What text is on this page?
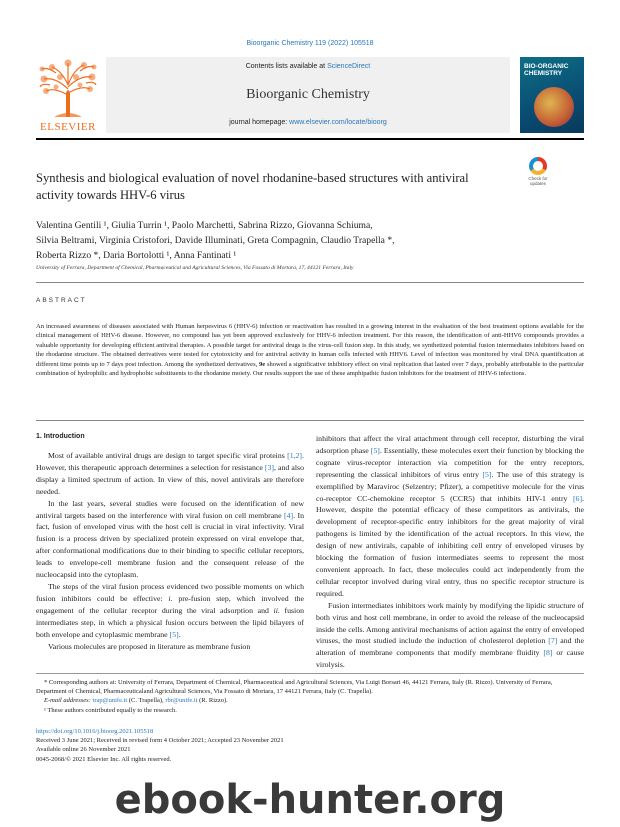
Bioorganic Chemistry 119 (2022) 105518
ELSEVIER
Contents lists available at ScienceDirect
Bioorganic Chemistry
journal homepage: www.elsevier.com/locate/bioorg
BIO-ORGANIC
CHEMISTRY
Synthesis and biological evaluation of novel rhodanine-based structures with antiviral activity towards HHV-6 virus
Check for
updates
Valentina Gentili ¹, Giulia Turrin ¹, Paolo Marchetti, Sabrina Rizzo, Giovanna Schiuma,
Silvia Beltrami, Virginia Cristofori, Davide Illuminati, Greta Compagnin, Claudio Trapella *,
Roberta Rizzo *, Daria Bortolotti ¹, Anna Fantinati ¹
University of Ferrara, Department of Chemical, Pharmaceutical and Agricultural Sciences, Via Fossato di Mortara, 17, 44121 Ferrara, Italy
ABSTRACT
An increased awareness of diseases associated with Human herpesvirus 6 (HHV-6) infection or reactivation has resulted in a growing interest in the evaluation of the best treatment options available for the clinical management of HHV-6 disease. However, no compound has yet been approved exclusively for HHV-6 infection treatment. For this reason, the identification of anti-HHV6 compounds provides a valuable opportunity for developing efficient antiviral therapies. A possible target for antiviral drugs is the virus-cell fusion step. In this study, we synthetized potential fusion intermediates inhibitors based on the rhodanine structure. The obtained derivatives were tested for cytotoxicity and for antiviral activity in human cells infected with HHV6. Level of infection was monitored by viral DNA quantification at different time points up to 7 days post infection. Among the synthetized derivatives, 9e showed a significative inhibitory effect on viral replication that lasted over 7 days, probably attributable to the particular combination of hydrophilic and hydrophobic substituents to the rhodanine moiety. Our results support the use of these amphipathic fusion inhibitors for the treatment of HHV-6 infections.
1. Introduction

Most of available antiviral drugs are design to target specific viral proteins [1,2]. However, this therapeutic approach determines a selection for resistance [3], and also display a limited spectrum of action. In view of this, novel antivirals are therefore needed.

In the last years, several studies were focused on the identification of new antiviral targets based on the interference with viral fusion on cell membrane [4]. In fact, fusion of enveloped virus with the host cell is crucial in viral infectivity. Viral fusion is a process driven by specialized protein expressed on viral envelope that, after conformational modifications due to their binding to specific cellular receptors, leads to envelope-cell membrane fusion and the consequent release of the nucleocapsid into the cytoplasm.

The steps of the viral fusion process evidenced two possible moments on which fusion inhibitors could be effective: i. pre-fusion step, which involved the engagement of the cellular receptor during the viral adsorption and ii. fusion intermediates step, in which a physical fusion occurs between the lipid bilayers of both envelope and cytoplasmic membrane [5].

Various molecules are proposed in literature as membrane fusion

inhibitors that affect the viral attachment through cell receptor, disturbing the viral adsorption phase [5]. Essentially, these molecules exert their function by blocking the cognate virus-receptor interaction via competition for the entry receptors, representing the classical inhibitors of virus entry [5]. The use of this strategy is exemplified by Maraviroc (Selzentry; Pfizer), a competitive molecule for the virus co-receptor CC-chemokine receptor 5 (CCR5) that inhibits HIV-1 entry [6]. However, despite the potential efficacy of these competitors as antivirals, the development of receptor-specific entry inhibitors for the great majority of viral pathogens is limited by the identification of the actual receptors. In this view, the design of new antivirals, capable of inhibiting cell entry of enveloped viruses by blocking the formation of fusion intermediates seems to represent the most convenient approach. In fact, these molecules could act independently from the cellular receptor involved during viral entry, thus no specific receptor structure is required.

Fusion intermediates inhibitors work mainly by modifying the lipidic structure of both virus and host cell membrane, in order to avoid the release of the nucleocapsid inside the cells. Among antiviral mechanisms of action against the entry of enveloped viruses, the most studied include the induction of cholesterol depletion [7] and the alteration of membrane components that modify membrane fluidity [8] or cause virolysis.

* Corresponding authors at: University of Ferrara, Department of Chemical, Pharmaceutical and Agricultural Sciences, Via Luigi Borsari 46, 44121 Ferrara, Italy (R. Rizzo). University of Ferrara, Department of Chemical, Pharmaceuticaland Agricultural Sciences, Via Fossato di Mortara, 17 44121 Ferrara, Italy (C. Trapella).
E-mail addresses: trap@unife.it (C. Trapella), rbr@unife.it (R. Rizzo).
¹ These authors contributed equally to the research.
https://doi.org/10.1016/j.bioorg.2021.105518
Received 3 June 2021; Received in revised form 4 October 2021; Accepted 23 November 2021
Available online 26 November 2021
0045-2068/© 2021 Elsevier Inc. All rights reserved.
ebook-hunter.org
